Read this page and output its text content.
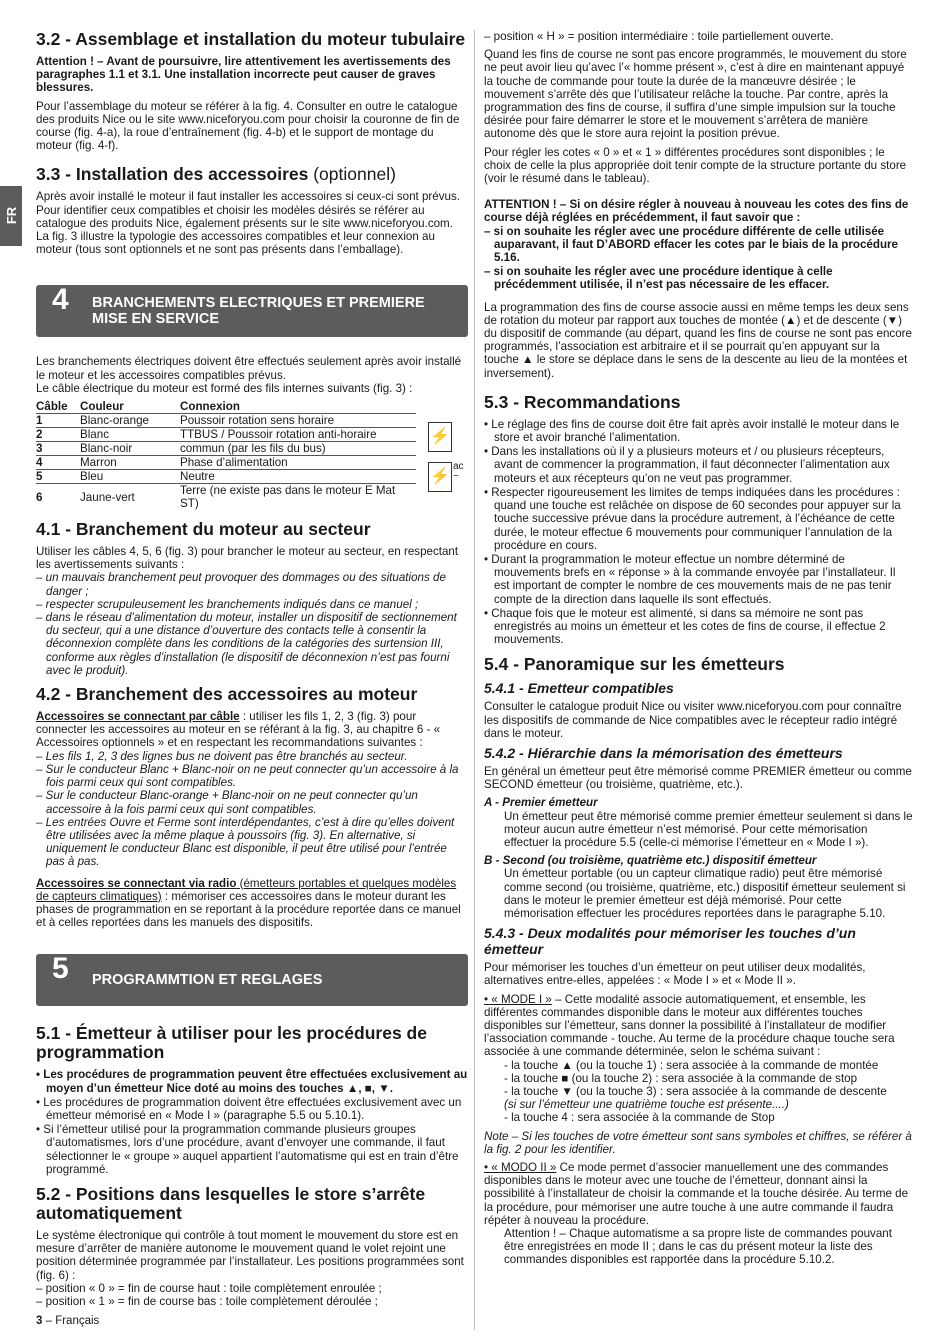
FR
3.2 - Assemblage et installation du moteur tubulaire

Attention ! – Avant de poursuivre, lire attentivement les avertissements des paragraphes 1.1 et 3.1. Une installation incorrecte peut causer de graves blessures.

Pour l’assemblage du moteur se référer à la fig. 4. Consulter en outre le catalogue des produits Nice ou le site www.niceforyou.com pour choisir la couronne de fin de course (fig. 4-a), la roue d’entraînement (fig. 4-b) et le support de montage du moteur (fig. 4-f).

3.3 - Installation des accessoires (optionnel)

Après avoir installé le moteur il faut installer les accessoires si ceux-ci sont prévus. Pour identifier ceux compatibles et choisir les modèles désirés se référer au catalogue des produits Nice, également présents sur le site www.niceforyou.com. La fig. 3 illustre la typologie des accessoires compatibles et leur connexion au moteur (tous sont optionnels et ne sont pas présents dans l’emballage).

4 BRANCHEMENTS ELECTRIQUES ET PREMIERE MISE EN SERVICE

Les branchements électriques doivent être effectués seulement après avoir installé le moteur et les accessoires compatibles prévus.

Le câble électrique du moteur est formé des fils internes suivants (fig. 3) :

Câble	Couleur	Connexion
1	Blanc-orange	Poussoir rotation sens horaire
2	Blanc	TTBUS / Poussoir rotation anti-horaire
3	Blanc-noir	commun (par les fils du bus)
4	Marron	Phase d’alimentation
5	Bleu	Neutre
6	Jaune-vert	Terre (ne existe pas dans le moteur E Mat ST)
⚡
⚡
ac
~
4.1 - Branchement du moteur au secteur

Utiliser les câbles 4, 5, 6 (fig. 3) pour brancher le moteur au secteur, en respectant les avertissements suivants :

– un mauvais branchement peut provoquer des dommages ou des situations de danger ;

– respecter scrupuleusement les branchements indiqués dans ce manuel ;

– dans le réseau d’alimentation du moteur, installer un dispositif de sectionnement du secteur, qui a une distance d’ouverture des contacts telle à consentir la déconnexion complète dans les conditions de la catégories des surtension III, conforme aux règles d’installation (le dispositif de déconnexion n’est pas fourni avec le produit).

4.2 - Branchement des accessoires au moteur

Accessoires se connectant par câble : utiliser les fils 1, 2, 3 (fig. 3) pour connecter les accessoires au moteur en se référant à la fig. 3, au chapitre 6 - « Accessoires optionnels » et en respectant les recommandations suivantes :

– Les fils 1, 2, 3 des lignes bus ne doivent pas être branchés au secteur.

– Sur le conducteur Blanc + Blanc-noir on ne peut connecter qu’un accessoire à la fois parmi ceux qui sont compatibles.

– Sur le conducteur Blanc-orange + Blanc-noir on ne peut connecter qu’un accessoire à la fois parmi ceux qui sont compatibles.

– Les entrées Ouvre et Ferme sont interdépendantes, c’est à dire qu’elles doivent être utilisées avec la même plaque à poussoirs (fig. 3). En alternative, si uniquement le conducteur Blanc est disponible, il peut être utilisé pour l’entrée pas à pas.

Accessoires se connectant via radio (émetteurs portables et quelques modèles de capteurs climatiques) : mémoriser ces accessoires dans le moteur durant les phases de programmation en se reportant à la procédure reportée dans ce manuel et à celles reportées dans les manuels des dispositifs.

5 PROGRAMMTION ET REGLAGES
5.1 - Émetteur à utiliser pour les procédures de programmation

• Les procédures de programmation peuvent être effectuées exclusivement au moyen d’un émetteur Nice doté au moins des touches ▲, ■, ▼.

• Les procédures de programmation doivent être effectuées exclusivement avec un émetteur mémorisé en « Mode I » (paragraphe 5.5 ou 5.10.1).

• Si l’émetteur utilisé pour la programmation commande plusieurs groupes d’automatismes, lors d’une procédure, avant d’envoyer une commande, il faut sélectionner le « groupe » auquel appartient l’automatisme qui est en train d’être programmé.

5.2 - Positions dans lesquelles le store s’arrête automatiquement

Le système électronique qui contrôle à tout moment le mouvement du store est en mesure d’arrêter de manière autonome le mouvement quand le volet rejoint une position déterminée programmée par l’installateur. Les positions programmées sont (fig. 6) :

– position « 0 » = fin de course haut : toile complètement enroulée ;

– position « 1 » = fin de course bas : toile complètement déroulée ;

– position « H » = position intermédiaire : toile partiellement ouverte.

Quand les fins de course ne sont pas encore programmés, le mouvement du store ne peut avoir lieu qu’avec l’« homme présent », c’est à dire en maintenant appuyé la touche de commande pour toute la durée de la manœuvre désirée ; le mouvement s’arrête dès que l’utilisateur relâche la touche. Par contre, après la programmation des fins de course, il suffira d’une simple impulsion sur la touche désirée pour faire démarrer le store et le mouvement s’arrêtera de manière autonome dès que le store aura rejoint la position prévue.

Pour régler les cotes « 0 » et « 1 » différentes procédures sont disponibles ; le choix de celle la plus appropriée doit tenir compte de la structure portante du store (voir le résumé dans le tableau).

ATTENTION ! – Si on désire régler à nouveau à nouveau les cotes des fins de course déjà réglées en précédemment, il faut savoir que :

– si on souhaite les régler avec une procédure différente de celle utilisée auparavant, il faut D’ABORD effacer les cotes par le biais de la procédure 5.16.

– si on souhaite les régler avec une procédure identique à celle précédemment utilisée, il n’est pas nécessaire de les effacer.

La programmation des fins de course associe aussi en même temps les deux sens de rotation du moteur par rapport aux touches de montée (▲) et de descente (▼) du dispositif de commande (au départ, quand les fins de course ne sont pas encore programmés, l’association est arbitraire et il se pourrait qu’en appuyant sur la touche ▲ le store se déplace dans le sens de la descente au lieu de la montées et inversement).

5.3 - Recommandations

• Le réglage des fins de course doit être fait après avoir installé le moteur dans le store et avoir branché l’alimentation.

• Dans les installations où il y a plusieurs moteurs et / ou plusieurs récepteurs, avant de commencer la programmation, il faut déconnecter l’alimentation aux moteurs et aux récepteurs qu’on ne veut pas programmer.

• Respecter rigoureusement les limites de temps indiquées dans les procédures : quand une touche est relâchée on dispose de 60 secondes pour appuyer sur la touche successive prévue dans la procédure autrement, à l’échéance de cette durée, le moteur effectue 6 mouvements pour communiquer l’annulation de la procédure en cours.

• Durant la programmation le moteur effectue un nombre déterminé de mouvements brefs en « réponse » à la commande envoyée par l’installateur. Il est important de compter le nombre de ces mouvements mais de ne pas tenir compte de la direction dans laquelle ils sont effectués.

• Chaque fois que le moteur est alimenté, si dans sa mémoire ne sont pas enregistrés au moins un émetteur et les cotes de fins de course, il effectue 2 mouvements.

5.4 - Panoramique sur les émetteurs
5.4.1 - Emetteur compatibles

Consulter le catalogue produit Nice ou visiter www.niceforyou.com pour connaître les dispositifs de commande de Nice compatibles avec le récepteur radio intégré dans le moteur.

5.4.2 - Hiérarchie dans la mémorisation des émetteurs

En général un émetteur peut être mémorisé comme PREMIER émetteur ou comme SECOND émetteur (ou troisième, quatrième, etc.).

A - Premier émetteur

Un émetteur peut être mémorisé comme premier émetteur seulement si dans le moteur aucun autre émetteur n’est mémorisé. Pour cette mémorisation effectuer la procédure 5.5 (celle-ci mémorise l’émetteur en « Mode I »).

B - Second (ou troisième, quatrième etc.) dispositif émetteur

Un émetteur portable (ou un capteur climatique radio) peut être mémorisé comme second (ou troisième, quatrième, etc.) dispositif émetteur seulement si dans le moteur le premier émetteur est déjà mémorisé. Pour cette mémorisation effectuer les procédures reportées dans le paragraphe 5.10.

5.4.3 - Deux modalités pour mémoriser les touches d’un émetteur

Pour mémoriser les touches d’un émetteur on peut utiliser deux modalités, alternatives entre-elles, appelées : « Mode I » et « Mode II ».

• « MODE I » – Cette modalité associe automatiquement, et ensemble, les différentes commandes disponible dans le moteur aux différentes touches disponibles sur l’émetteur, sans donner la possibilité à l’installateur de modifier l’association commande - touche. Au terme de la procédure chaque touche sera associée à une commande déterminée, selon le schéma suivant :

- la touche ▲ (ou la touche 1) : sera associée à la commande de montée

- la touche ■ (ou la touche 2) : sera associée à la commande de stop

- la touche ▼ (ou la touche 3) : sera associée à la commande de descente

(si sur l’émetteur une quatrième touche est présente....)

- la touche 4 : sera associée à la commande de Stop

Note – Si les touches de votre émetteur sont sans symboles et chiffres, se référer à la fig. 2 pour les identifier.

• « MODO II » Ce mode permet d’associer manuellement une des commandes disponibles dans le moteur avec une touche de l’émetteur, donnant ainsi la possibilité à l’installateur de choisir la commande et la touche désirée. Au terme de la procédure, pour mémoriser une autre touche à une autre commande il faudra répéter à nouveau la procédure.

Attention ! – Chaque automatisme a sa propre liste de commandes pouvant être enregistrées en mode II ; dans le cas du présent moteur la liste des commandes disponibles est rapportée dans la procédure 5.10.2.

3 – Français
